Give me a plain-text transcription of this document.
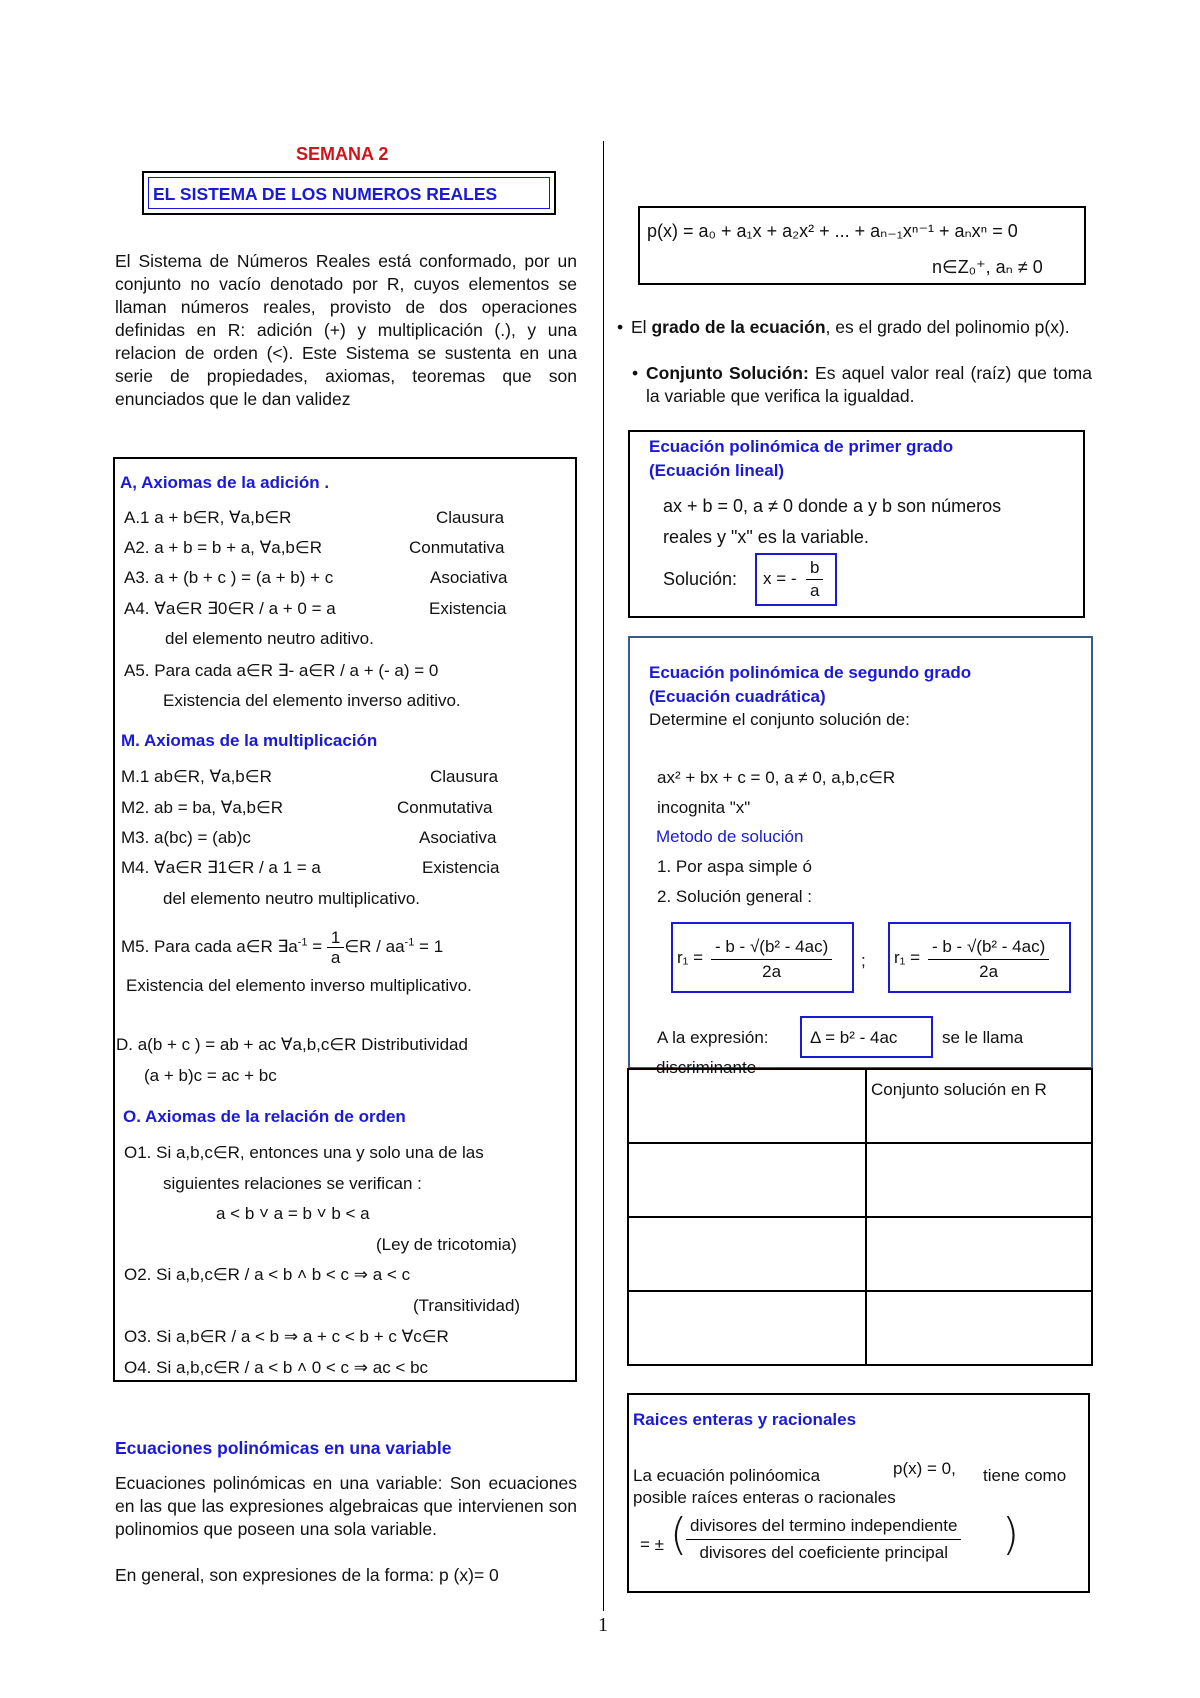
SEMANA 2
EL SISTEMA DE LOS NUMEROS REALES
El Sistema de Números Reales está conformado, por un conjunto no vacío denotado por R, cuyos elementos se llaman números reales, provisto de dos operaciones definidas en R: adición (+) y multiplicación (.), y una relacion de orden (<). Este Sistema se sustenta en una serie de propiedades, axiomas, teoremas que son enunciados que le dan validez
A, Axiomas de la adición .
A.1 a + b∈R, ∀a,b∈R	Clausura
A2. a + b = b + a, ∀a,b∈R	Conmutativa
A3. a + (b + c ) = (a + b) + c	Asociativa
A4. ∀a∈R ∃0∈R / a + 0 = a	Existencia
del elemento neutro aditivo.
A5. Para cada a∈R ∃- a∈R / a + (- a) = 0
Existencia del elemento inverso aditivo.
M. Axiomas de la multiplicación
M.1 ab∈R, ∀a,b∈R	Clausura
M2. ab = ba, ∀a,b∈R	Conmutativa
M3. a(bc) = (ab)c	Asociativa
M4. ∀a∈R ∃1∈R / a 1 = a	Existencia
del elemento neutro multiplicativo.
M5. Para cada a∈R $\exists a^{-1} = \frac{1}{a}$ ∈R / $aa^{-1} = 1$
Existencia del elemento inverso multiplicativo.
D. a(b + c ) = ab + ac ∀a,b,c∈R Distributividad
(a + b)c = ac + bc
O. Axiomas de la relación de orden
O1. Si a,b,c∈R, entonces una y solo una de las
siguientes relaciones se verifican :
a < b ˅ a = b ˅ b < a
(Ley de tricotomia)
O2. Si a,b,c∈R / a < b ˄ b < c ⇒ a < c
(Transitividad)
O3. Si a,b∈R / a < b ⇒ a + c < b + c ∀c∈R
O4. Si a,b,c∈R / a < b ˄ 0 < c ⇒ ac < bc
Ecuaciones polinómicas en una variable
Ecuaciones polinómicas en una variable: Son ecuaciones en las que las expresiones algebraicas que intervienen son polinomios que poseen una sola variable.
En general, son expresiones de la forma: p (x)= 0
1
p(x) = a₀ + a₁x + a₂x² + ... + aₙ₋₁xⁿ⁻¹ + aₙxⁿ = 0
n∈Z₀⁺, aₙ ≠ 0
• El grado de la ecuación, es el grado del polinomio p(x).
• Conjunto Solución: Es aquel valor real (raíz) que toma la variable que verifica la igualdad.
Ecuación polinómica de primer grado
(Ecuación lineal)
ax + b = 0, a ≠ 0 donde a y b son números
reales y "x" es la variable.
Solución: x = - $\frac{b}{a}$
Ecuación polinómica de segundo grado
(Ecuación cuadrática)
Determine el conjunto solución de:
ax² + bx + c = 0, a ≠ 0, a,b,c∈R
incognita "x"
Metodo de solución
1. Por aspa simple ó
2. Solución general :
$r_1 = \frac{\text{- b - √(b² - 4ac)}}{2a}$ ; $r_1 = \frac{\text{- b - √(b² - 4ac)}}{2a}$
A la expresión: Δ = b² - 4ac	se le llama
discriminante
	Conjunto solución en R

Raices enteras y racionales
La ecuación polinóomica	p(x) = 0, tiene como
posible raíces enteras o racionales
= ± ( divisores del termino independiente
divisores del coeficiente principal	)
